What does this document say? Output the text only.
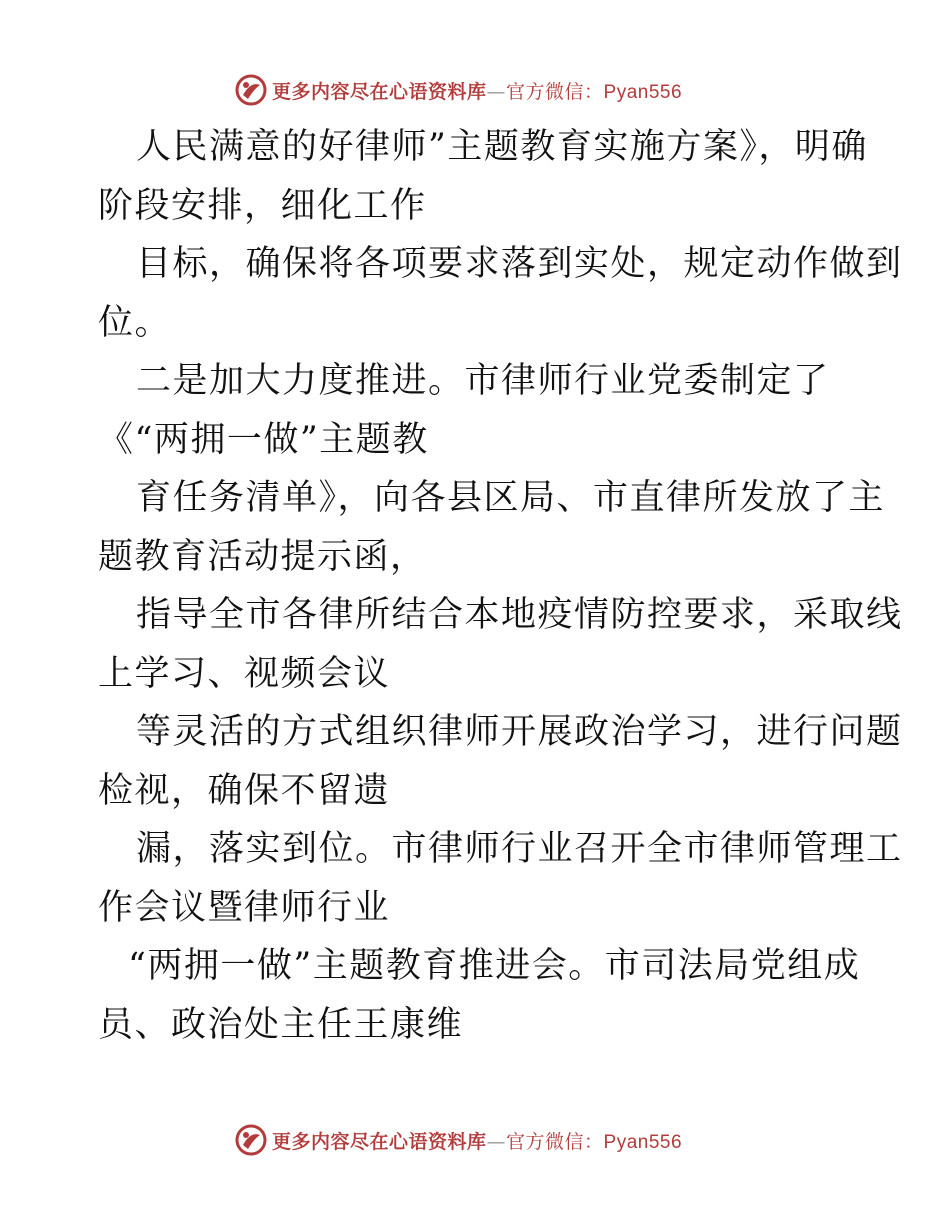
更多内容尽在心语资料库—官方微信：Pyan556
人民满意的好律师”主题教育实施方案》，明确
阶段安排，细化工作
目标，确保将各项要求落到实处，规定动作做到
位。
二是加大力度推进。市律师行业党委制定了
《“两拥一做”主题教
育任务清单》，向各县区局、市直律所发放了主
题教育活动提示函，
指导全市各律所结合本地疫情防控要求，采取线
上学习、视频会议
等灵活的方式组织律师开展政治学习，进行问题
检视，确保不留遗
漏，落实到位。市律师行业召开全市律师管理工
作会议暨律师行业
“两拥一做”主题教育推进会。市司法局党组成
员、政治处主任王康维
更多内容尽在心语资料库—官方微信：Pyan556
